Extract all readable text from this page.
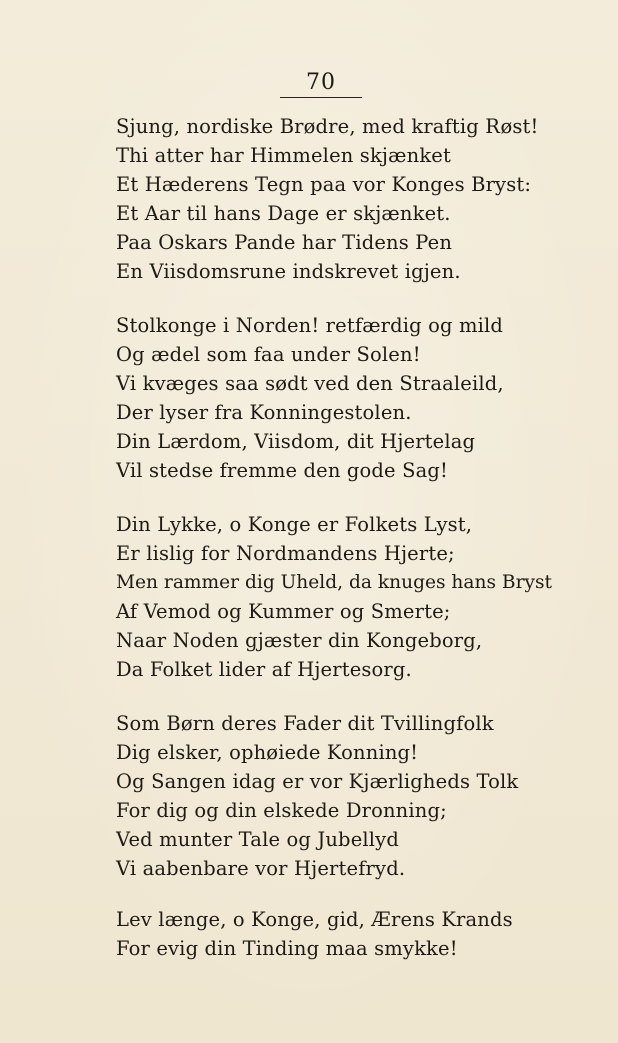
70
Sjung, nordiske Brødre, med kraftig Røst!
Thi atter har Himmelen skjænket
Et Hæderens Tegn paa vor Konges Bryst:
Et Aar til hans Dage er skjænket.
Paa Oskars Pande har Tidens Pen
En Viisdomsrune indskrevet igjen.
Stolkonge i Norden! retfærdig og mild
Og ædel som faa under Solen!
Vi kvæges saa sødt ved den Straaleild,
Der lyser fra Konningestolen.
Din Lærdom, Viisdom, dit Hjertelag
Vil stedse fremme den gode Sag!
Din Lykke, o Konge er Folkets Lyst,
Er lislig for Nordmandens Hjerte;
Men rammer dig Uheld, da knuges hans Bryst
Af Vemod og Kummer og Smerte;
Naar Noden gjæster din Kongeborg,
Da Folket lider af Hjertesorg.
Som Børn deres Fader dit Tvillingfolk
Dig elsker, ophøiede Konning!
Og Sangen idag er vor Kjærligheds Tolk
For dig og din elskede Dronning;
Ved munter Tale og Jubellyd
Vi aabenbare vor Hjertefryd.
Lev længe, o Konge, gid, Ærens Krands
For evig din Tinding maa smykke!
